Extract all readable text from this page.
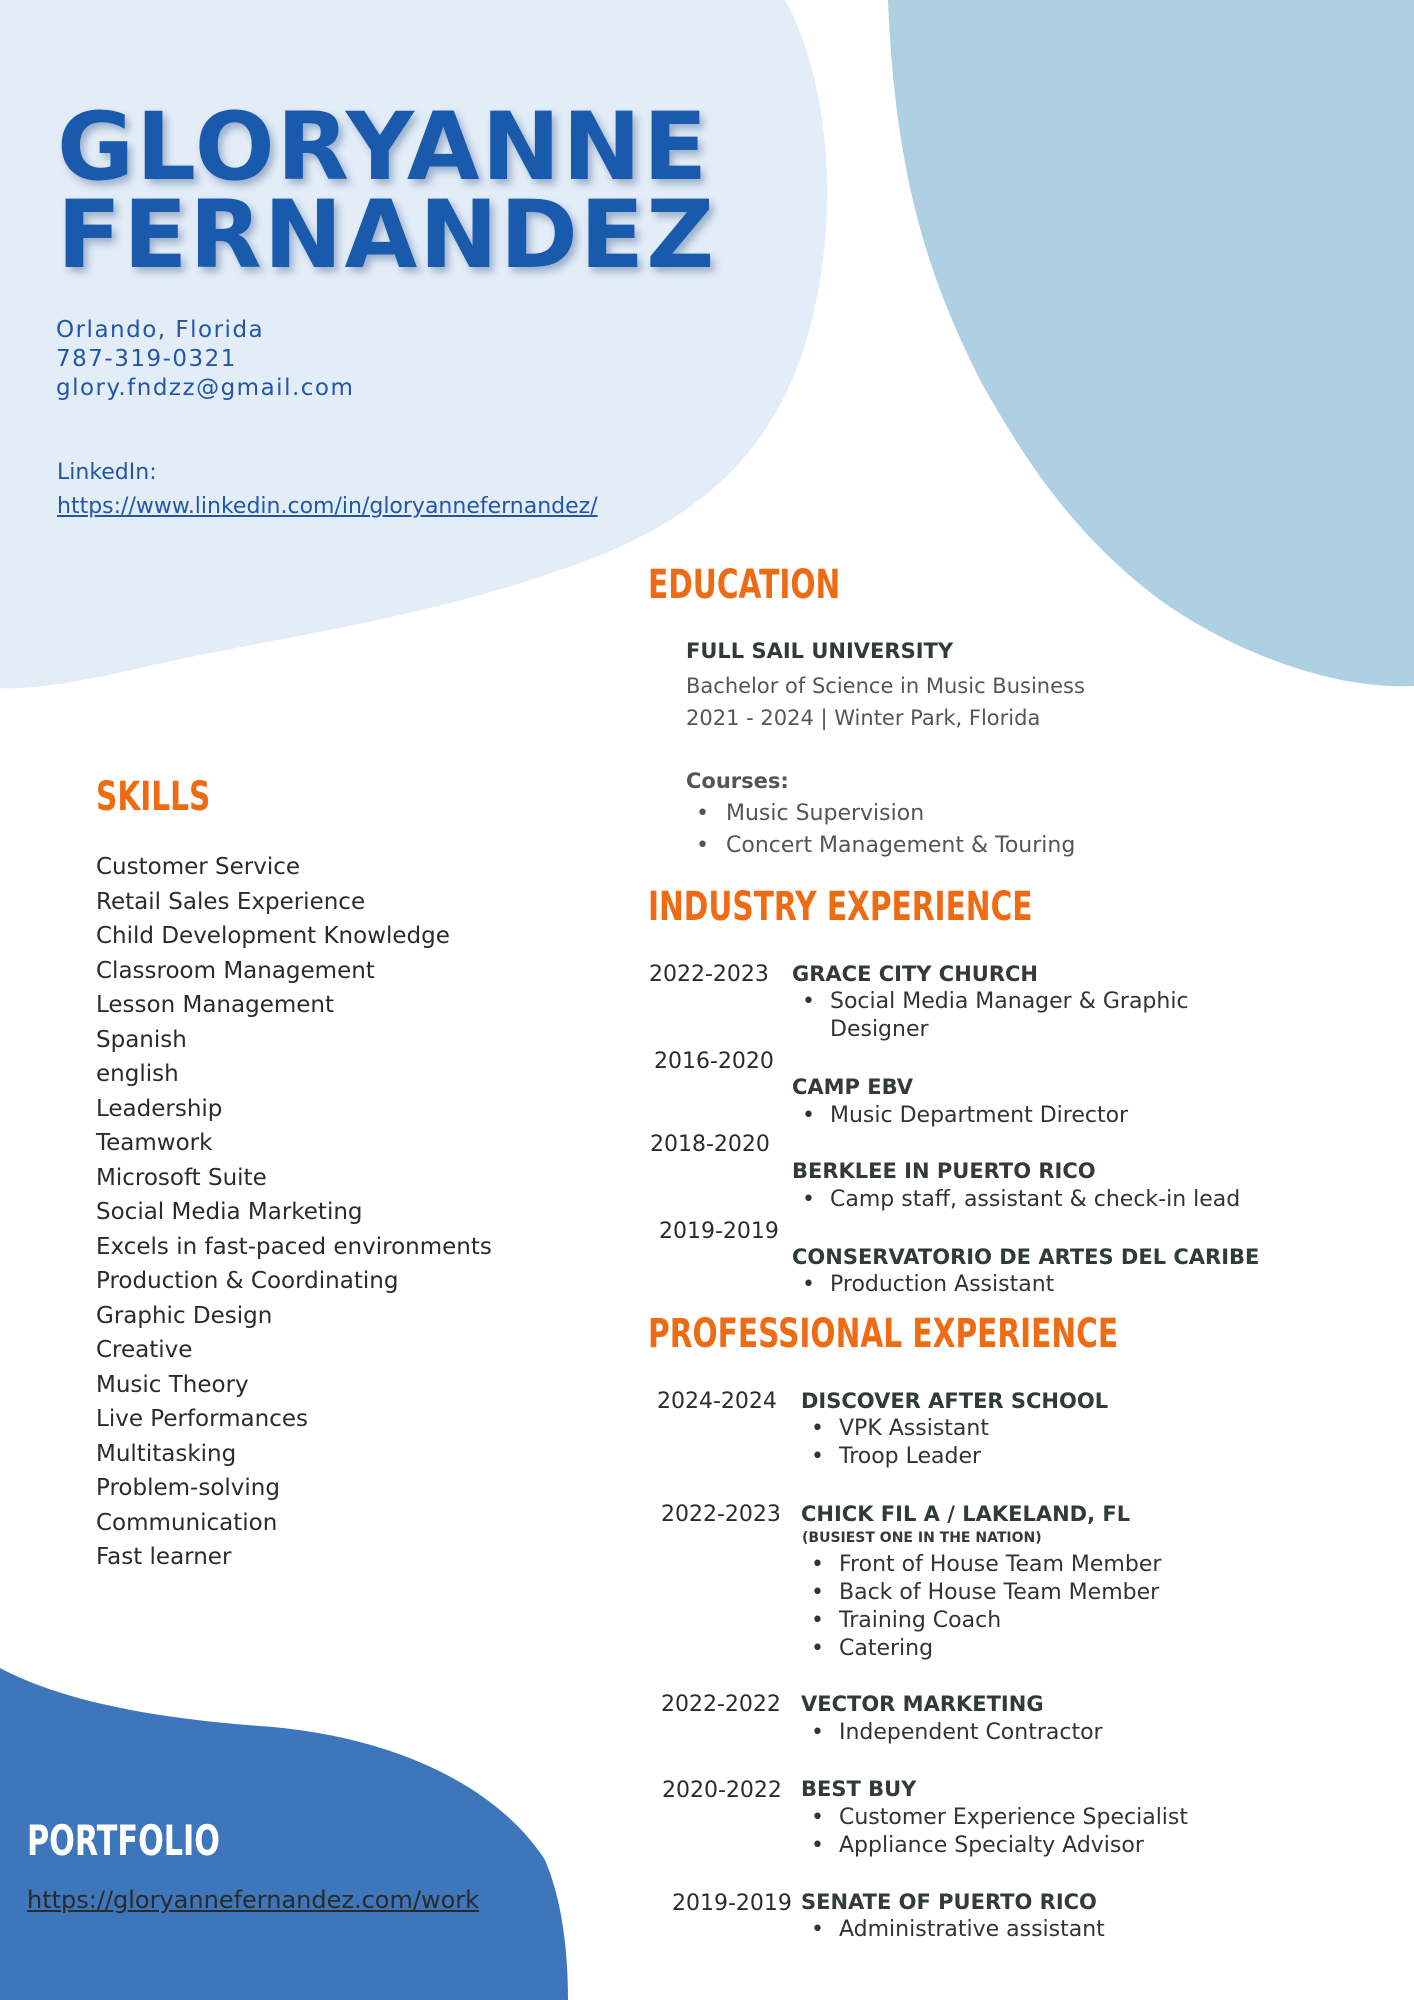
GLORYANNE
FERNANDEZ
Orlando, Florida
787-319-0321
glory.fndzz@gmail.com
LinkedIn:
https://www.linkedin.com/in/gloryannefernandez/
SKILLS
Customer Service
Retail Sales Experience
Child Development Knowledge
Classroom Management
Lesson Management
Spanish
english
Leadership
Teamwork
Microsoft Suite
Social Media Marketing
Excels in fast-paced environments
Production & Coordinating
Graphic Design
Creative
Music Theory
Live Performances
Multitasking
Problem-solving
Communication
Fast learner
PORTFOLIO
https://gloryannefernandez.com/work
EDUCATION
FULL SAIL UNIVERSITY
Bachelor of Science in Music Business
2021 - 2024 | Winter Park, Florida
Courses:
• Music Supervision
• Concert Management & Touring
INDUSTRY EXPERIENCE
2022-2023 GRACE CITY CHURCH
• Social Media Manager & Graphic
Designer
2016-2020
CAMP EBV
• Music Department Director
2018-2020
BERKLEE IN PUERTO RICO
• Camp staff, assistant & check-in lead
2019-2019
CONSERVATORIO DE ARTES DEL CARIBE
• Production Assistant
PROFESSIONAL EXPERIENCE
2024-2024 DISCOVER AFTER SCHOOL
• VPK Assistant
• Troop Leader
2022-2023 CHICK FIL A / LAKELAND, FL
(BUSIEST ONE IN THE NATION)
• Front of House Team Member
• Back of House Team Member
• Training Coach
• Catering
2022-2022 VECTOR MARKETING
• Independent Contractor
2020-2022 BEST BUY
• Customer Experience Specialist
• Appliance Specialty Advisor
2019-2019 SENATE OF PUERTO RICO
• Administrative assistant
